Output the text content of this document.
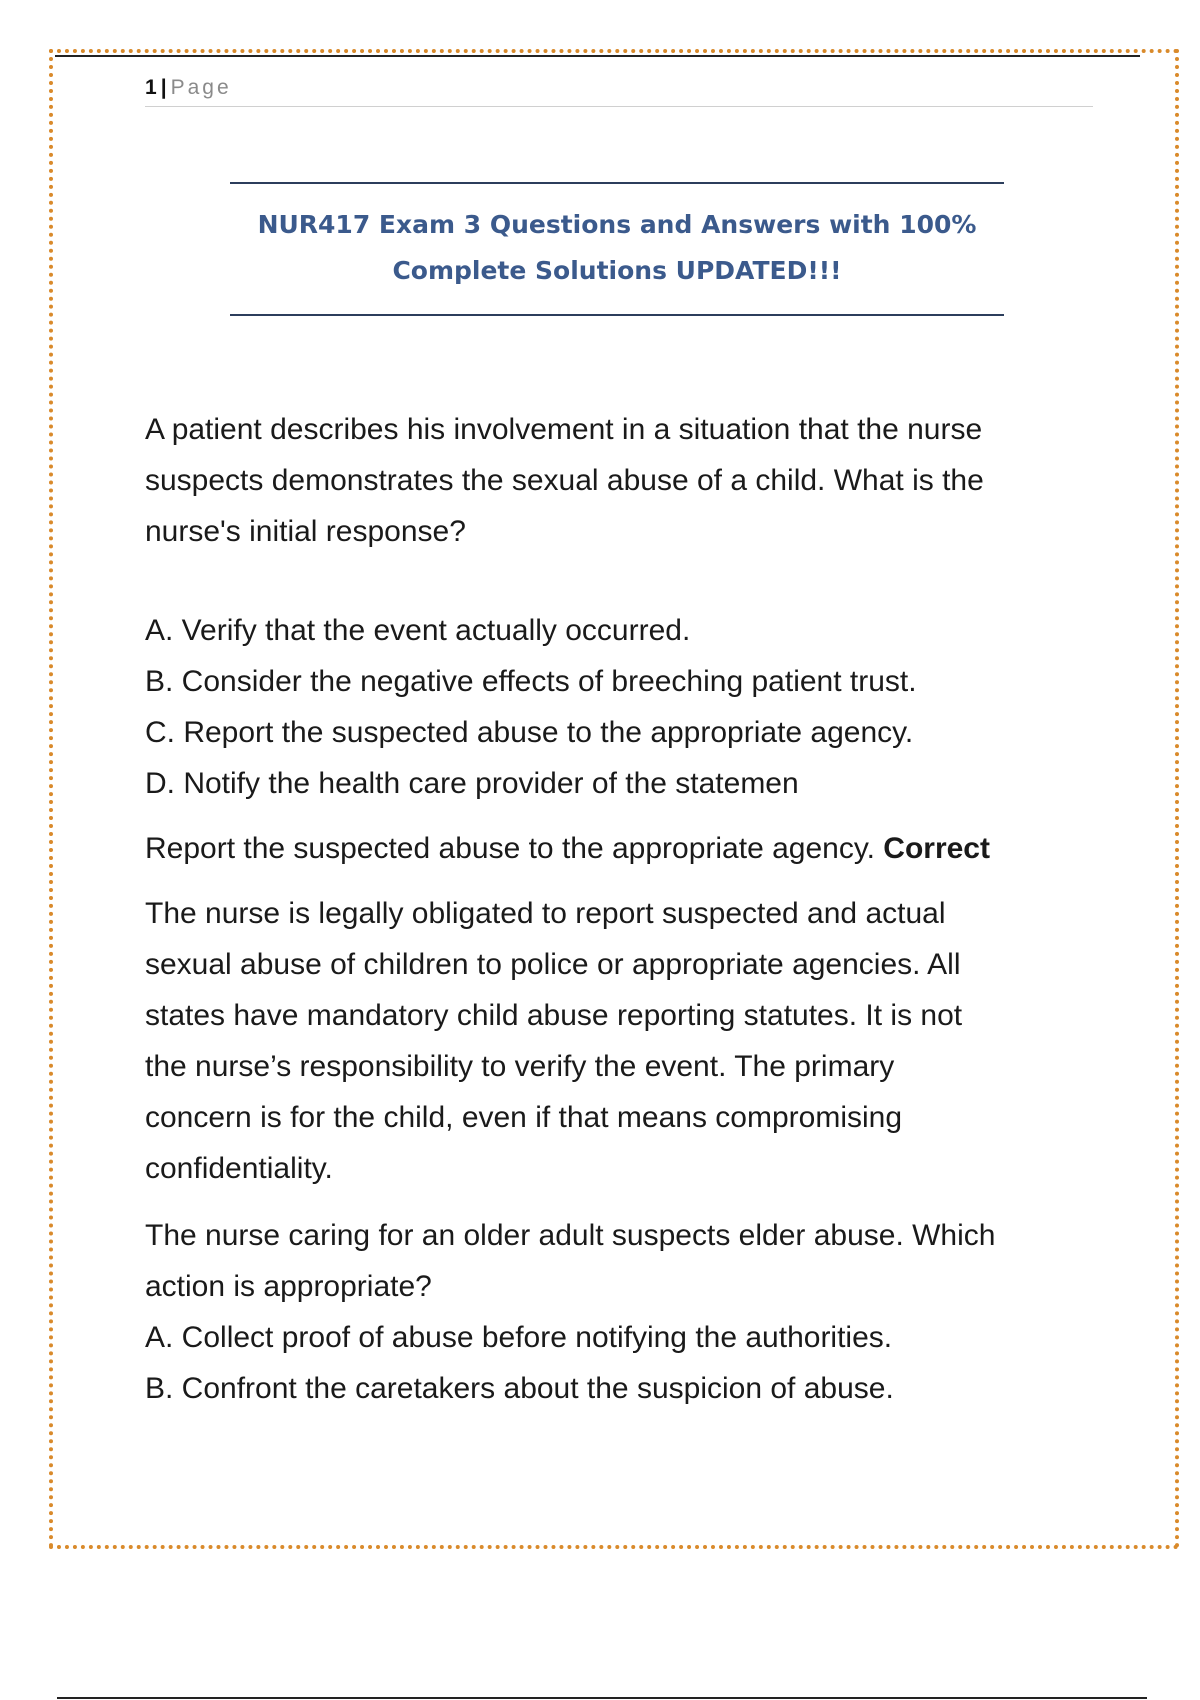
1 | Page
NUR417 Exam 3 Questions and Answers with 100%
Complete Solutions UPDATED!!!
A patient describes his involvement in a situation that the nurse
suspects demonstrates the sexual abuse of a child. What is the
nurse's initial response?
A. Verify that the event actually occurred.
B. Consider the negative effects of breeching patient trust.
C. Report the suspected abuse to the appropriate agency.
D. Notify the health care provider of the statemen
Report the suspected abuse to the appropriate agency. Correct
The nurse is legally obligated to report suspected and actual
sexual abuse of children to police or appropriate agencies. All
states have mandatory child abuse reporting statutes. It is not
the nurse’s responsibility to verify the event. The primary
concern is for the child, even if that means compromising
confidentiality.
The nurse caring for an older adult suspects elder abuse. Which
action is appropriate?
A. Collect proof of abuse before notifying the authorities.
B. Confront the caretakers about the suspicion of abuse.
